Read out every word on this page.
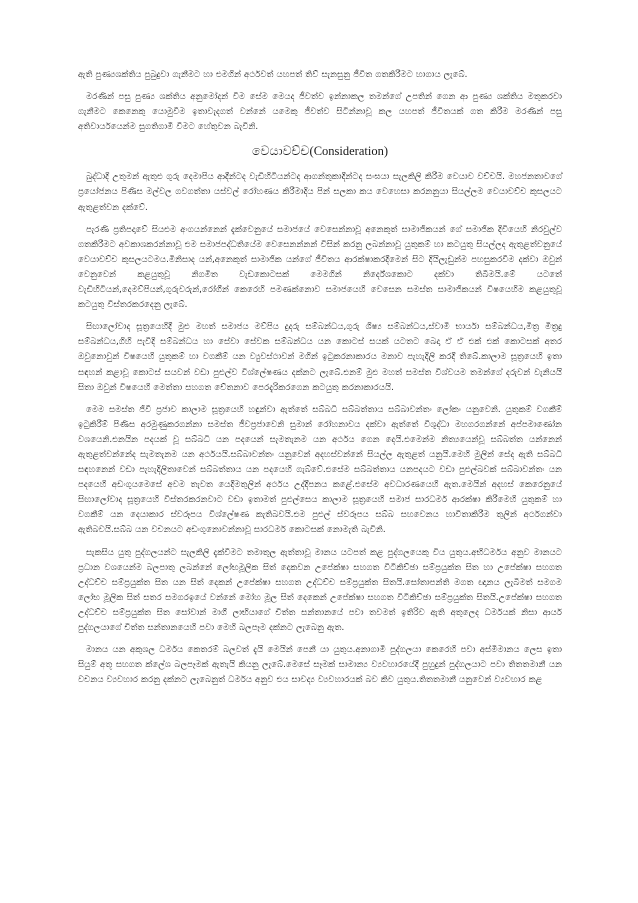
ඇති පුණ්‍යශක්තිය පුබුදුවා ගැනීමට හා එමගින් අර්ථවත් යහපත් තිව් සැනසුනු ජීවිත ගතකිරීමට හාගාය ලැබේ.

මරණින් පසු පුණ්‍ය ශක්තිය අනුමෝදන් වීම සේම මෙයද ජීවත්ව ඉන්නාකල තමන්ගේ උපතින් ගෙන ආ පුණ්‍ය ශක්තිය මතුකරවා ගැනීමට කෙනෙකු යොමුවීම ඉතාවැදගත් වන්නේ යමෙකු ජීවත්ව සිටින්නාවූ කල යහපත් ජීවිතයක් ගත කිරීම මරණින් පසු අතිවාර්යයෙන්ම සුගතිගාමී වීමට හේතුවන බැවිනි.

වෙයාවච්ච(Consideration)

බුද්ධාදි උතුමන් ඇතුළු ගුරු දෙමාපිය ආදීන්ටද වැඩිහිටියන්ටද ආගන්තුකාදීන්ටද සංඝයා සැලකිලි කිරීම වෙයාව වච්චයි. මහජනතාවගේ ප්‍රයෝජනය පිණිස මල්වල ගවගත්තා යස්වල් රෝහණය කිරීමාදිය පින් සලකා කය වෙහෙසා කරනනුයා සියල්ලම වෙයාවච්ච කුසලයට ඇතුළත්වන දක්වේ.

පැරණි ප්‍රතිපදාවේ සියළුම අංගයන්නෙන් දැක්වෙනුයේ සමාජයේ වෙසෙන්නාවූ අනෙකුත් සාමාජිකයන් ගේ සමාජික දිවියෙහි නිරවුල්ව ගතකිරීමට අවකාශකරන්නාවූ එම සමාජපද්ධතියේම වෙසෙනන්නන් විසින් කරනු ලබන්නාවූ යුතුකම් හා කටයුතු සියල්ලද ඇතුළත්වනුයේ වෙයාවච්ච කුසලයටමය.මිනිසාද යන්,අනෙකුත් සාමාජික යන්ගේ ජීවිතය ආරක්ෂාකරදීමෙන් සිට දියිලැඩුන්ම පහසුකරවීම දක්වා ඔවුන් වෙනුවෙන් කළයුතුවූ නිගමිත වැඩකොටසක් මෙමගින් නිර්දේශකොට දක්වා තිබීමයි.මේ යටතේ වැඩිහිටියන්,දෙමව්පියන්,ගුරුවරුන්,රෝගීන් කෙරෙහි පමණක්නොව සමාජයෙහි වෙසෙන සමස්ත සාමාජිකයන් විෂයෙහිම කළයුතුවූ කටයුතු විස්තරකරදෙනු ලැබේ.

සිඟාලෝවාද සූත්‍රයෙහිදී මුළු මහත් සමාජය මව්පිය දුදරු සම්බන්ධය,ගුරු ශිෂ්‍ය සම්බන්ධය,ස්වාමී භාර්යා සම්බන්ධය,මිත්‍ර මිත්‍රදු සම්බන්ධය,ගිහි පැවිදි සම්බන්ධය හා සේවා සේවක සම්බන්ධය යන කොටස් සයක් යටතට බෙදා ඒ ඒ එක් එක් කොටසක් අතර ඔවුනොවුන් විෂයෙහි යුතුකම් හා වගකීම් යන ව්‍යුවස්ථාවන් මගින් ඉටුකරනාකාරය මනාව පැහැදිලි කරදී තිබේ.කාලාම සූත්‍රයෙහි ඉතා සඳහන් කළාවූ කොටස් සයවන් වඩා පුළුල්ව විශ්ලේෂණය දක්නට ලැබේ.එනම් මුළු මහත් සමස්ත විශ්වයම තමන්ගේ දරුවන් වැනියයි සිතා ඔවුන් විෂයෙහි මෙත්තා සහගත චේතනාව පෙරදැරිකරගෙන කටයුතු කරනාකාරයයි.

මෙම සමස්ත ජිවී ප්‍රජාව කාලාම සූත්‍රයෙහි හඳුන්වා ඇත්තේ සබ්බධි සබ්බත්තාය සබ්බාවන්තං ලෝකං යනුවෙනි. යුතුකම් වගකීම් ඉටුකිරීම් පිණිස අරමුණුකරගන්නා සමස්ත ජීවප්‍රජාවෙනි සුමාන් රෝහනාවය දක්වා ඇත්තේ විශුද්ධා මහගරගන්නේ අප්පමාණෝන වශයෙනි.එනයින පදයක් වූ සබ්බධි යන පදයෙන් සැමතැනම යන අර්ථය ගෙන දෙයි.එමෙන්ම නිත්‍යයෙන්වූ සබ්බත්ත යන්නෙන් ඇතුළත්වන්නේද සැමතැනම යන අර්ථයයි.සබ්බාවන්තං යනුවෙන් අදහස්වන්නේ සියල්ල ඇතුළත් යනුයි.මෙහි මුලින් සේද ඇති සබ්බධි සඳහනෙන් වඩා පැහැදිලිතාවෙන් සබ්බත්තාය යන පදයෙහි ගැබ්වේ.එසේම සබ්බත්තාය යනපදයට වඩා පුළුල්බවක් සබ්බාවන්තං යන පදයෙහි අඩංගුයමෙසේ අවම තැවත යෙදීමතුලින් අර්ථය උද්දීපනය කළේ.එසේම අවධාරණයෙහි ඇත.මෙයින් අදහස් කෙරෙනුයේ සිඟාලෝවාද සූත්‍රයෙහි විස්තරකරනවාට වඩා ඉතාමත් පුළුල්සෙය කාලාම සූත්‍රයෙහි සමාජ සාරධර්ම ආරක්ෂා කිරීමෙහි යුතුකම් හා වගකීම් යන දෙයාකාර ස්වරූපය විශ්ලේෂණ කැතිබවයි.එම පුළුල් ස්වරූපය සබ්බ සහවෙනය හාවිතාකිරීම තුලින් අර්ථගන්වා ඇතිබවයි.සබ්බ යන වචනයට අඩංගුනොවන්නාවූ සාරධර්ම කොටසක් නොමැති බැවිනි.

සැකසිය යුතු පුද්ගලයන්ට සැලකිලි දැක්වීමට තමාතුල ඇත්තාවූ මානය යටපත් කළ පුද්ගලයෙකු විය යුතුය.අභිධර්මය අනුව මානයට ප්‍රධාන වශයෙන්ම බලපාතු ලබන්නේ ලෝභමූලික සිත් දෙකවන උපේක්ෂා සහගත විටිකිච්ඡා සම්ප්‍රයුක්ත සිත හා උපේක්ෂා සහගත උද්ධච්ච සම්ප්‍රයුක්ත සිත යන සිත් දෙකන් උපේක්ෂා සහගත උද්ධච්ච සම්ප්‍රයුක්ත සිතයි.සෝතාපන්ති මගත ඥානය ලැබීමත් සමගම ලෝභ මූලික සිත් සතර සමගරඉයේ වන්නේ මෝහ මූල සිත් දෙකෙන් උපේක්ෂා සහගත විටිකිච්ඡා සම්ප්‍රයුක්ත සිතයි.උපේක්ෂා සහගත උද්ධච්ච සම්ප්‍රයුක්ත සිත සෝවාන් මාගී ලාභියාගේ චිත්ත සන්තානයේ පවා තවමත් ඉතිරිව ඇති අතුලෙද ධර්මයක් නිසා ආර්ය පුද්ගලයාගේ චිත්ත සන්තානයෙහි පවා මෙහි බලපෑම දක්නට ලැබෙනු ඇත.

මානය යන අකුශල ධර්මය කෙතරම් බලවත් දැයි මෙයින් පෙනී යා යුතුය.අනාගාමී පුද්ගලයා කෙරෙහි පවා අස්මිමානය ලෙස ඉතා සියුම් අතූ සහගත ක්ලේශ බලපෑමක් ඇතැයි කියනු ලැබේ.මෙසේ සෑමක් සාමාන්‍ය ව්‍යවහාරයේදී පුහුදුන් පුද්ගලයාට පවා තිතතමානී යන වචනය ව්‍යවහාර කරනු දක්නට ලැබෙනුත් ධර්මය අනුව එය සාවද්‍ය ව්‍යවහාරයක් බව කිව යුතුය.තිතතමානී යනුවෙන් ව්‍යවහාර කළ
